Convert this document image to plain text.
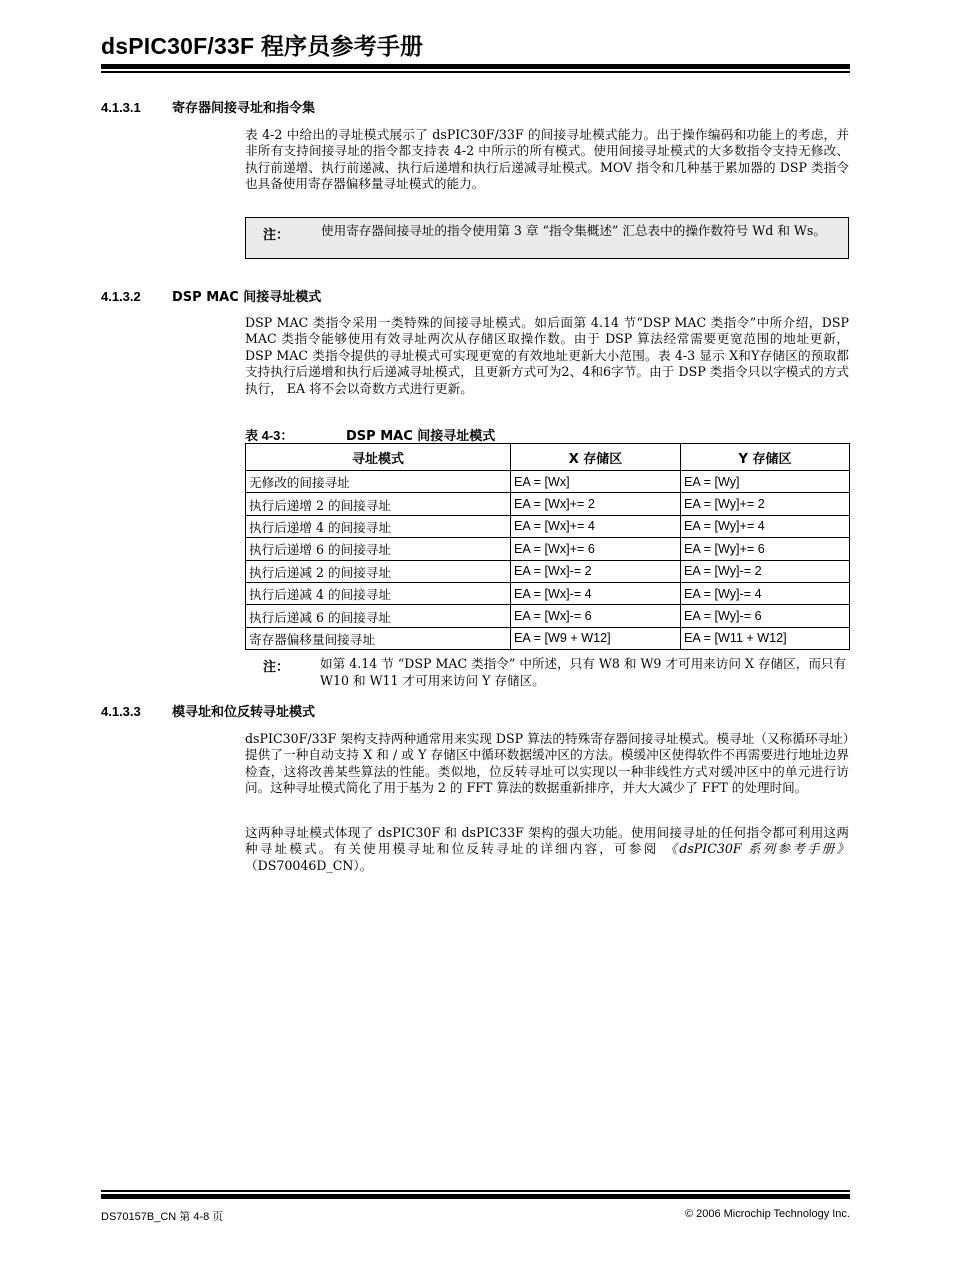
dsPIC30F/33F 程序员参考手册
4.1.3.1 寄存器间接寻址和指令集
表 4-2 中给出的寻址模式展示了 dsPIC30F/33F 的间接寻址模式能力。出于操作编码和功能上的考虑，并非所有支持间接寻址的指令都支持表 4-2 中所示的所有模式。使用间接寻址模式的大多数指令支持无修改、执行前递增、执行前递减、执行后递增和执行后递减寻址模式。MOV 指令和几种基于累加器的 DSP 类指令也具备使用寄存器偏移量寻址模式的能力。
注：	使用寄存器间接寻址的指令使用第 3 章 “指令集概述” 汇总表中的操作数符号 Wd 和 Ws。
4.1.3.2 DSP MAC 间接寻址模式
DSP MAC 类指令采用一类特殊的间接寻址模式。如后面第 4.14 节“DSP MAC 类指令”中所介绍，DSP MAC 类指令能够使用有效寻址两次从存储区取操作数。由于 DSP 算法经常需要更宽范围的地址更新， DSP MAC 类指令提供的寻址模式可实现更宽的有效地址更新大小范围。表 4-3 显示 X和Y存储区的预取都支持执行后递增和执行后递减寻址模式，且更新方式可为2、4和6字节。由于 DSP 类指令只以字模式的方式执行， EA 将不会以奇数方式进行更新。
表 4-3：	DSP MAC 间接寻址模式
寻址模式	X 存储区	Y 存储区
无修改的间接寻址	EA = [Wx]	EA = [Wy]
执行后递增 2 的间接寻址	EA = [Wx]+= 2	EA = [Wy]+= 2
执行后递增 4 的间接寻址	EA = [Wx]+= 4	EA = [Wy]+= 4
执行后递增 6 的间接寻址	EA = [Wx]+= 6	EA = [Wy]+= 6
执行后递减 2 的间接寻址	EA = [Wx]-= 2	EA = [Wy]-= 2
执行后递减 4 的间接寻址	EA = [Wx]-= 4	EA = [Wy]-= 4
执行后递减 6 的间接寻址	EA = [Wx]-= 6	EA = [Wy]-= 6
寄存器偏移量间接寻址	EA = [W9 + W12]	EA = [W11 + W12]
注： 如第 4.14 节 “DSP MAC 类指令” 中所述，只有 W8 和 W9 才可用来访问 X 存储区，而只有 W10 和 W11 才可用来访问 Y 存储区。
4.1.3.3 模寻址和位反转寻址模式
dsPIC30F/33F 架构支持两种通常用来实现 DSP 算法的特殊寄存器间接寻址模式。模寻址（又称循环寻址）提供了一种自动支持 X 和 / 或 Y 存储区中循环数据缓冲区的方法。模缓冲区使得软件不再需要进行地址边界检查，这将改善某些算法的性能。类似地，位反转寻址可以实现以一种非线性方式对缓冲区中的单元进行访问。这种寻址模式简化了用于基为 2 的 FFT 算法的数据重新排序，并大大减少了 FFT 的处理时间。
这两种寻址模式体现了 dsPIC30F 和 dsPIC33F 架构的强大功能。使用间接寻址的任何指令都可利用这两种寻址模式。有关使用模寻址和位反转寻址的详细内容，可参阅 《dsPIC30F 系列参考手册》（DS70046D_CN）。
DS70157B_CN 第 4-8 页	© 2006 Microchip Technology Inc.
